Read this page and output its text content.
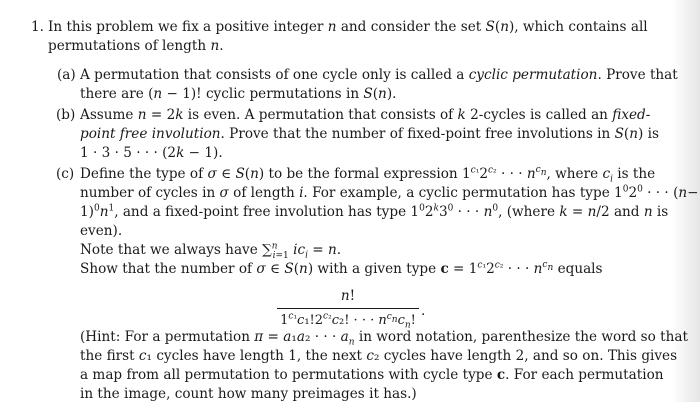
1. In this problem we fix a positive integer n and consider the set S(n), which contains all
permutations of length n.
(a) A permutation that consists of one cycle only is called a cyclic permutation. Prove that
there are (n − 1)! cyclic permutations in S(n).
(b) Assume n = 2k is even. A permutation that consists of k 2-cycles is called an fixed-
point free involution. Prove that the number of fixed-point free involutions in S(n) is
1 · 3 · 5 · · · (2k − 1).
(c) Define the type of σ ∈ S(n) to be the formal expression $1^{c_1}2^{c_2}$ · · · $n^{c_n}$, where $c_i$ is the
number of cycles in σ of length i. For example, a cyclic permutation has type $1^02^0$ · · · (n−
$1)^0n^1$, and a fixed-point free involution has type $1^02^k3^0$ · · · $n^0$, (where k = n/2 and n is
even).
Note that we always have ∑$^n_{i=1}$ $ic_i = n$.
Show that the number of σ ∈ S(n) with a given type $c = 1^{c_1}2^{c_2}$ · · · $n^{c_n}$ equals
n!
$1^{c_1}c_1!2^{c_2}c_2$! · · · $n^{c_n}c_n$!
.
(Hint: For a permutation π = a₁a₂ · · · $a_n$ in word notation, parenthesize the word so that
the first c₁ cycles have length 1, the next c₂ cycles have length 2, and so on. This gives
a map from all permutation to permutations with cycle type c. For each permutation
in the image, count how many preimages it has.)
